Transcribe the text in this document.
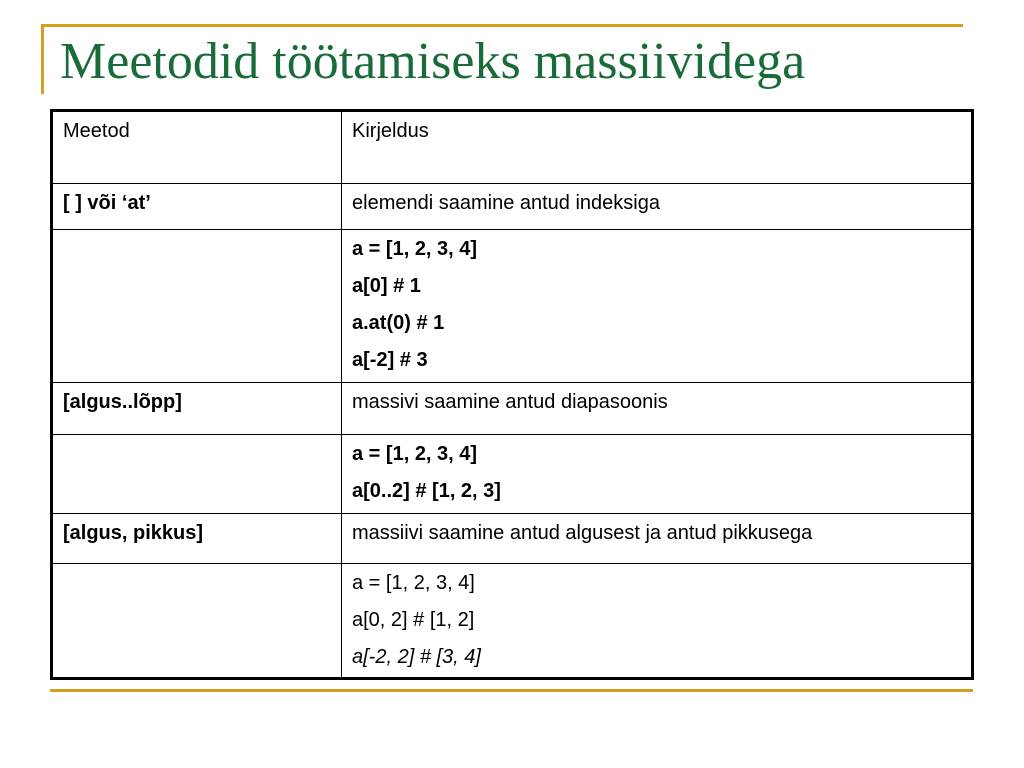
Meetodid töötamiseks massiividega
Meetod	Kirjeldus
[ ] või ‘at’	elemendi saamine antud indeksiga

	a = [1, 2, 3, 4]
a[0] # 1
a.at(0) # 1
a[-2] # 3

[algus..lõpp]	massivi saamine antud diapasoonis

	a = [1, 2, 3, 4]
a[0..2] # [1, 2, 3]

[algus, pikkus]	massiivi saamine antud algusest ja antud pikkusega

	a = [1, 2, 3, 4]
a[0, 2] # [1, 2]
a[-2, 2] # [3, 4]
